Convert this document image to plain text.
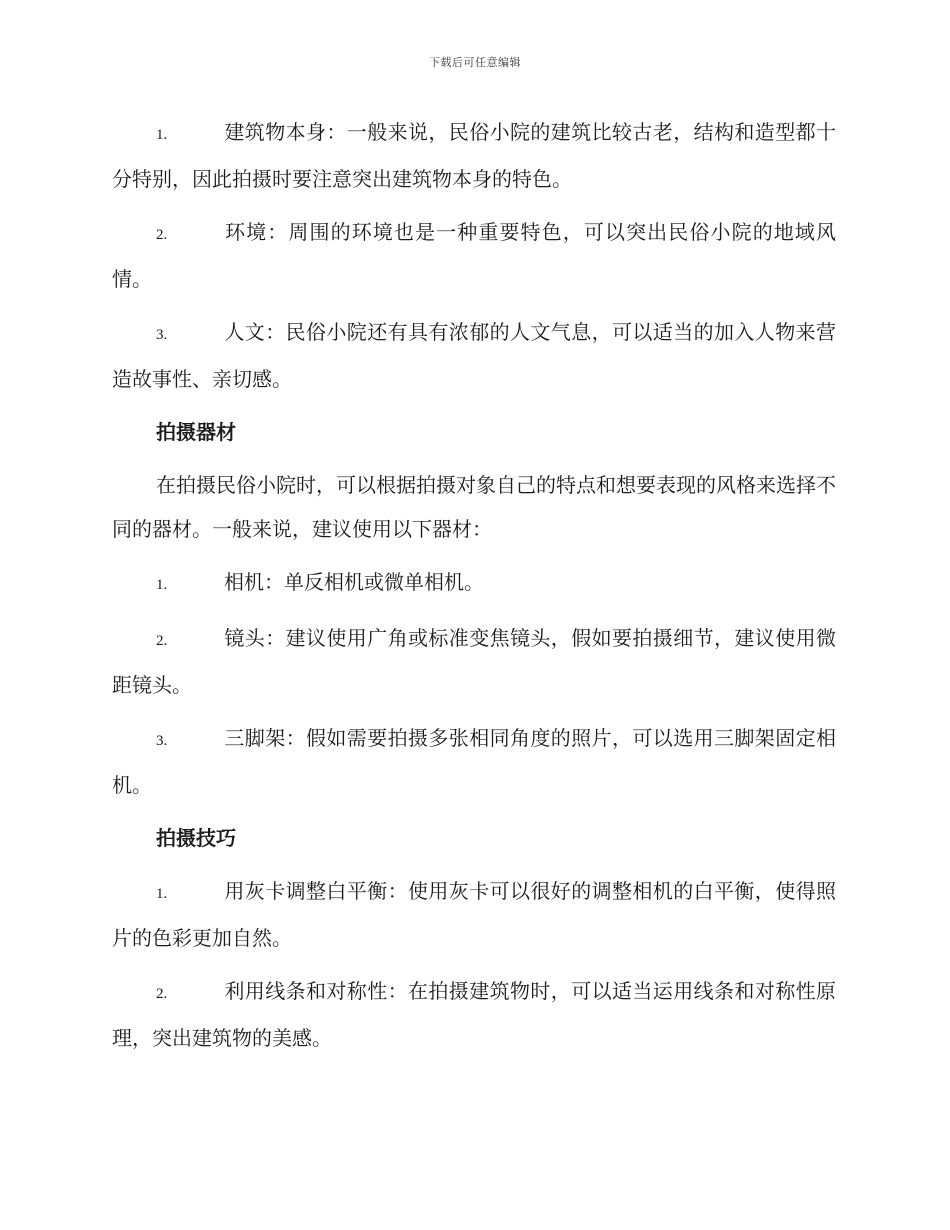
下载后可任意编辑

1.	建筑物本身：一般来说，民俗小院的建筑比较古老，结构和造型都十分特别，因此拍摄时要注意突出建筑物本身的特色。

2.	环境：周围的环境也是一种重要特色，可以突出民俗小院的地域风情。

3.	人文：民俗小院还有具有浓郁的人文气息，可以适当的加入人物来营造故事性、亲切感。

拍摄器材

在拍摄民俗小院时，可以根据拍摄对象自己的特点和想要表现的风格来选择不同的器材。一般来说，建议使用以下器材：

1.	相机：单反相机或微单相机。

2.	镜头：建议使用广角或标准变焦镜头，假如要拍摄细节，建议使用微距镜头。

3.	三脚架：假如需要拍摄多张相同角度的照片，可以选用三脚架固定相机。

拍摄技巧

1.	用灰卡调整白平衡：使用灰卡可以很好的调整相机的白平衡，使得照片的色彩更加自然。

2.	利用线条和对称性：在拍摄建筑物时，可以适当运用线条和对称性原理，突出建筑物的美感。
